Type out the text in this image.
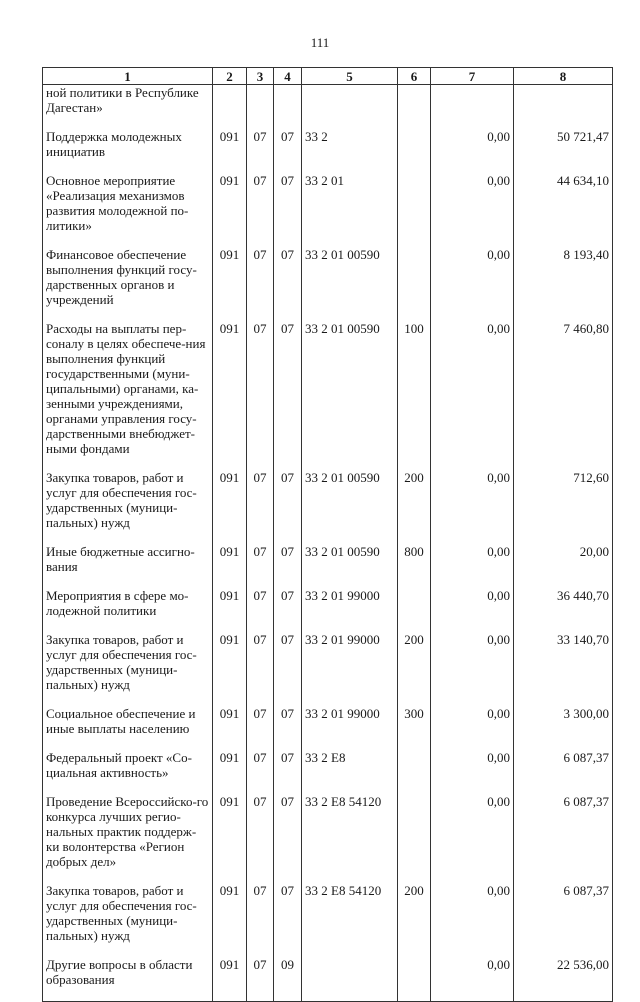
111
1	2	3	4	5	6	7	8
ной политики в Республике Дагестан»							
Поддержка молодежных инициатив	091	07	07	33 2		0,00	50 721,47
Основное мероприятие «Реализация механизмов развития молодежной по-литики»	091	07	07	33 2 01		0,00	44 634,10
Финансовое обеспечение выполнения функций госу-дарственных органов и учреждений	091	07	07	33 2 01 00590		0,00	8 193,40
Расходы на выплаты пер-соналу в целях обеспече-ния выполнения функций государственными (муни-ципальными) органами, ка-зенными учреждениями, органами управления госу-дарственными внебюджет-ными фондами	091	07	07	33 2 01 00590	100	0,00	7 460,80
Закупка товаров, работ и услуг для обеспечения гос-ударственных (муници-пальных) нужд	091	07	07	33 2 01 00590	200	0,00	712,60
Иные бюджетные ассигно-вания	091	07	07	33 2 01 00590	800	0,00	20,00
Мероприятия в сфере мо-лодежной политики	091	07	07	33 2 01 99000		0,00	36 440,70
Закупка товаров, работ и услуг для обеспечения гос-ударственных (муници-пальных) нужд	091	07	07	33 2 01 99000	200	0,00	33 140,70
Социальное обеспечение и иные выплаты населению	091	07	07	33 2 01 99000	300	0,00	3 300,00
Федеральный проект «Со-циальная активность»	091	07	07	33 2 E8		0,00	6 087,37
Проведение Всероссийско-го конкурса лучших регио-нальных практик поддерж-ки волонтерства «Регион добрых дел»	091	07	07	33 2 E8 54120		0,00	6 087,37
Закупка товаров, работ и услуг для обеспечения гос-ударственных (муници-пальных) нужд	091	07	07	33 2 E8 54120	200	0,00	6 087,37
Другие вопросы в области образования	091	07	09			0,00	22 536,00
